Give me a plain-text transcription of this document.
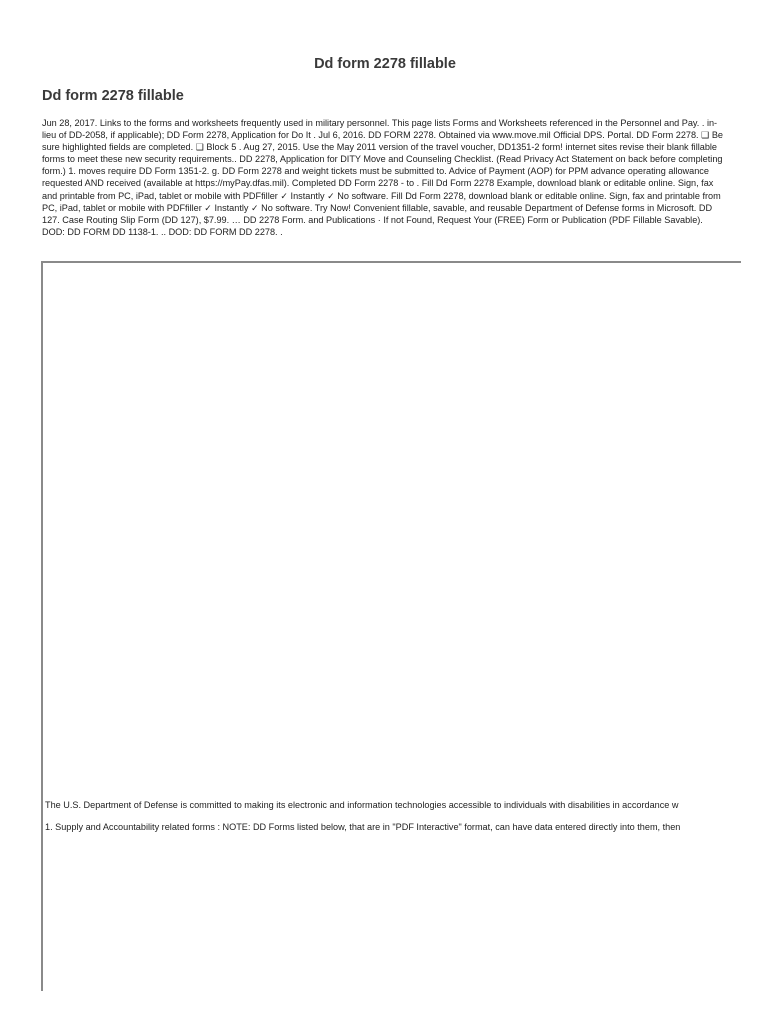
Dd form 2278 fillable
Dd form 2278 fillable

Jun 28, 2017. Links to the forms and worksheets frequently used in military personnel. This page lists Forms and Worksheets referenced in the Personnel and Pay. . in-lieu of DD-2058, if applicable); DD Form 2278, Application for Do It . Jul 6, 2016. DD FORM 2278. Obtained via www.move.mil Official DPS. Portal. DD Form 2278. ❑ Be sure highlighted fields are completed. ❑ Block 5 . Aug 27, 2015. Use the May 2011 version of the travel voucher, DD1351-2 form! internet sites revise their blank fillable forms to meet these new security requirements.. DD 2278, Application for DITY Move and Counseling Checklist. (Read Privacy Act Statement on back before completing form.) 1. moves require DD Form 1351-2. g. DD Form 2278 and weight tickets must be submitted to. Advice of Payment (AOP) for PPM advance operating allowance requested AND received (available at https://myPay.dfas.mil). Completed DD Form 2278 - to . Fill Dd Form 2278 Example, download blank or editable online. Sign, fax and printable from PC, iPad, tablet or mobile with PDFfiller ✓ Instantly ✓ No software. Fill Dd Form 2278, download blank or editable online. Sign, fax and printable from PC, iPad, tablet or mobile with PDFfiller ✓ Instantly ✓ No software. Try Now! Convenient fillable, savable, and reusable Department of Defense forms in Microsoft. DD 127. Case Routing Slip Form (DD 127), $7.99. … DD 2278 Form. and Publications · If not Found, Request Your (FREE) Form or Publication (PDF Fillable Savable). DOD: DD FORM DD 1138-1. .. DOD: DD FORM DD 2278. .

The U.S. Department of Defense is committed to making its electronic and information technologies accessible to individuals with disabilities in accordance w

1. Supply and Accountability related forms : NOTE: DD Forms listed below, that are in "PDF Interactive" format, can have data entered directly into them, then
